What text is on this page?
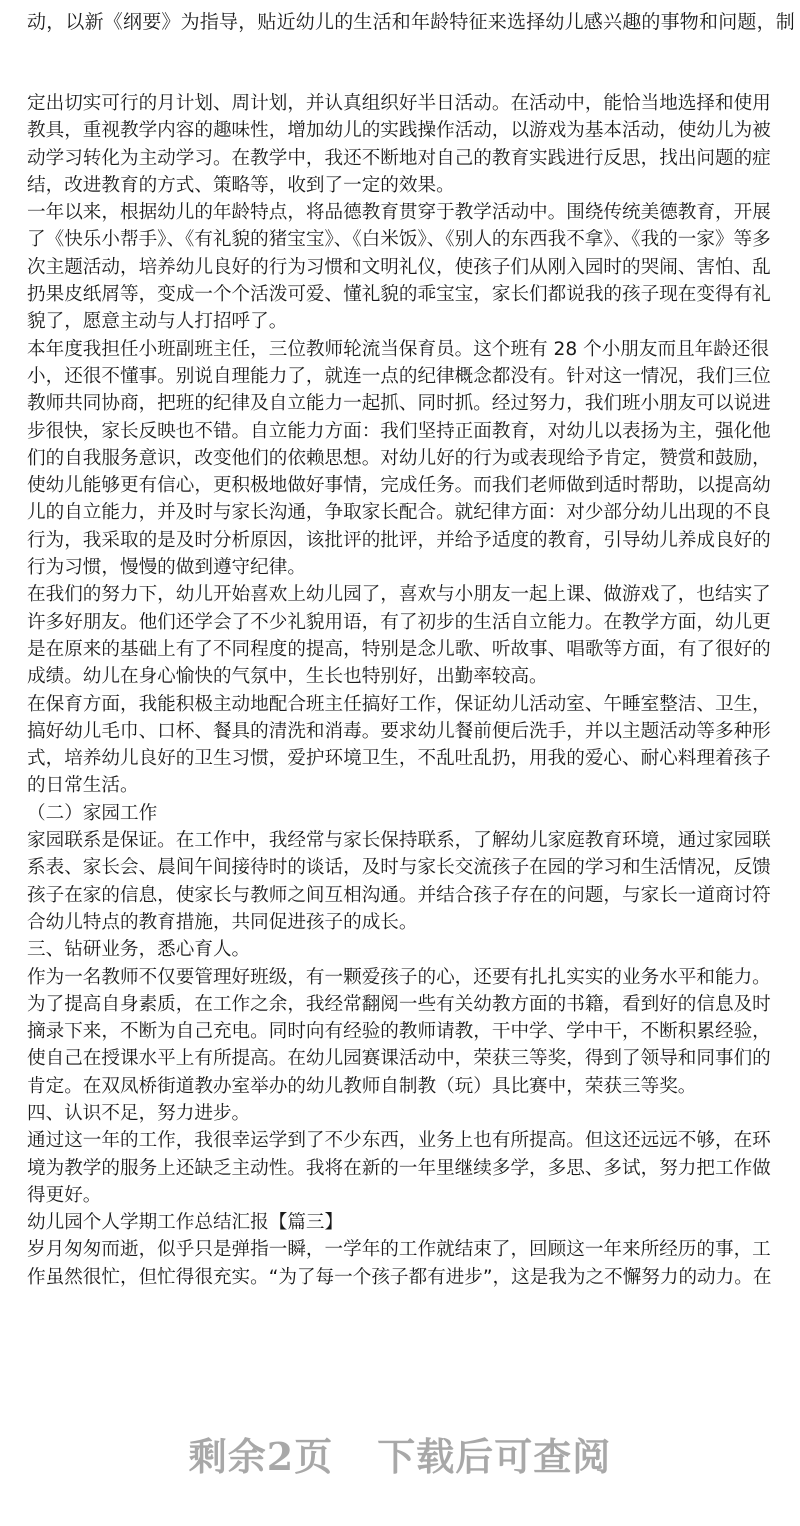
动，以新《纲要》为指导，贴近幼儿的生活和年龄特征来选择幼儿感兴趣的事物和问题，制
定出切实可行的月计划、周计划，并认真组织好半日活动。在活动中，能恰当地选择和使用
教具，重视教学内容的趣味性，增加幼儿的实践操作活动，以游戏为基本活动，使幼儿为被
动学习转化为主动学习。在教学中，我还不断地对自己的教育实践进行反思，找出问题的症
结，改进教育的方式、策略等，收到了一定的效果。
一年以来，根据幼儿的年龄特点，将品德教育贯穿于教学活动中。围绕传统美德教育，开展
了《快乐小帮手》、《有礼貌的猪宝宝》、《白米饭》、《别人的东西我不拿》、《我的一家》等多
次主题活动，培养幼儿良好的行为习惯和文明礼仪，使孩子们从刚入园时的哭闹、害怕、乱
扔果皮纸屑等，变成一个个活泼可爱、懂礼貌的乖宝宝，家长们都说我的孩子现在变得有礼
貌了，愿意主动与人打招呼了。
本年度我担任小班副班主任，三位教师轮流当保育员。这个班有 28 个小朋友而且年龄还很
小，还很不懂事。别说自理能力了，就连一点的纪律概念都没有。针对这一情况，我们三位
教师共同协商，把班的纪律及自立能力一起抓、同时抓。经过努力，我们班小朋友可以说进
步很快，家长反映也不错。自立能力方面：我们坚持正面教育，对幼儿以表扬为主，强化他
们的自我服务意识，改变他们的依赖思想。对幼儿好的行为或表现给予肯定，赞赏和鼓励，
使幼儿能够更有信心，更积极地做好事情，完成任务。而我们老师做到适时帮助，以提高幼
儿的自立能力，并及时与家长沟通，争取家长配合。就纪律方面：对少部分幼儿出现的不良
行为，我采取的是及时分析原因，该批评的批评，并给予适度的教育，引导幼儿养成良好的
行为习惯，慢慢的做到遵守纪律。
在我们的努力下，幼儿开始喜欢上幼儿园了，喜欢与小朋友一起上课、做游戏了，也结实了
许多好朋友。他们还学会了不少礼貌用语，有了初步的生活自立能力。在教学方面，幼儿更
是在原来的基础上有了不同程度的提高，特别是念儿歌、听故事、唱歌等方面，有了很好的
成绩。幼儿在身心愉快的气氛中，生长也特别好，出勤率较高。
在保育方面，我能积极主动地配合班主任搞好工作，保证幼儿活动室、午睡室整洁、卫生，
搞好幼儿毛巾、口杯、餐具的清洗和消毒。要求幼儿餐前便后洗手，并以主题活动等多种形
式，培养幼儿良好的卫生习惯，爱护环境卫生，不乱吐乱扔，用我的爱心、耐心料理着孩子
的日常生活。
（二）家园工作
家园联系是保证。在工作中，我经常与家长保持联系，了解幼儿家庭教育环境，通过家园联
系表、家长会、晨间午间接待时的谈话，及时与家长交流孩子在园的学习和生活情况，反馈
孩子在家的信息，使家长与教师之间互相沟通。并结合孩子存在的问题，与家长一道商讨符
合幼儿特点的教育措施，共同促进孩子的成长。
三、钻研业务，悉心育人。
作为一名教师不仅要管理好班级，有一颗爱孩子的心，还要有扎扎实实的业务水平和能力。
为了提高自身素质，在工作之余，我经常翻阅一些有关幼教方面的书籍，看到好的信息及时
摘录下来，不断为自己充电。同时向有经验的教师请教，干中学、学中干，不断积累经验，
使自己在授课水平上有所提高。在幼儿园赛课活动中，荣获三等奖，得到了领导和同事们的
肯定。在双凤桥街道教办室举办的幼儿教师自制教（玩）具比赛中，荣获三等奖。
四、认识不足，努力进步。
通过这一年的工作，我很幸运学到了不少东西，业务上也有所提高。但这还远远不够，在环
境为教学的服务上还缺乏主动性。我将在新的一年里继续多学，多思、多试，努力把工作做
得更好。
幼儿园个人学期工作总结汇报【篇三】
岁月匆匆而逝，似乎只是弹指一瞬，一学年的工作就结束了，回顾这一年来所经历的事，工
作虽然很忙，但忙得很充实。“为了每一个孩子都有进步”，这是我为之不懈努力的动力。在
剩余2页 下载后可查阅
